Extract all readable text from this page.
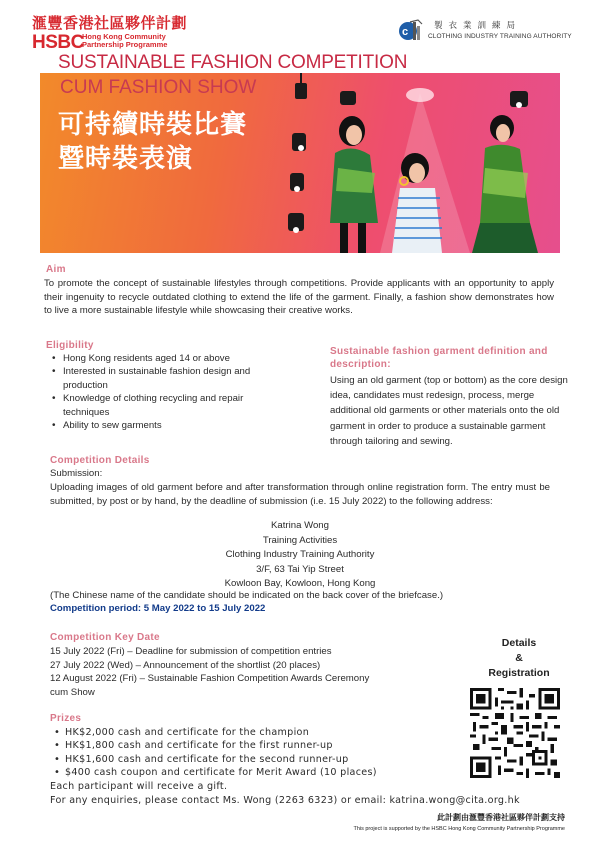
滙豐香港社區夥伴計劃
HSBC
Hong Kong Community Partnership Programme
c	製衣業訓練局
CLOTHING INDUSTRY TRAINING AUTHORITY
SUSTAINABLE FASHION COMPETITION
CUM FASHION SHOW
可持續時裝比賽
暨時裝表演
Aim
To promote the concept of sustainable lifestyles through competitions. Provide applicants with an opportunity to apply their ingenuity to recycle outdated clothing to extend the life of the garment. Finally, a fashion show demonstrates how to live a more sustainable lifestyle while showcasing their creative works.
Eligibility
• Hong Kong residents aged 14 or above
• Interested in sustainable fashion design and production
• Knowledge of clothing recycling and repair techniques
• Ability to sew garments
Sustainable fashion garment definition and description:
Using an old garment (top or bottom) as the core design idea, candidates must redesign, process, merge additional old garments or other materials onto the old garment in order to produce a sustainable garment through tailoring and sewing.
Competition Details
Submission:
Uploading images of old garment before and after transformation through online registration form. The entry must be submitted, by post or by hand, by the deadline of submission (i.e. 15 July 2022) to the following address:
Katrina Wong
Training Activities
Clothing Industry Training Authority
3/F, 63 Tai Yip Street
Kowloon Bay, Kowloon, Hong Kong
(The Chinese name of the candidate should be indicated on the back cover of the briefcase.)
Competition period: 5 May 2022 to 15 July 2022
Competition Key Date
15 July 2022 (Fri) – Deadline for submission of competition entries
27 July 2022 (Wed) – Announcement of the shortlist (20 places)
12 August 2022 (Fri) – Sustainable Fashion Competition Awards Ceremony cum Show
Prizes
• HK$2,000 cash and certificate for the champion
• HK$1,800 cash and certificate for the first runner-up
• HK$1,600 cash and certificate for the second runner-up
• $400 cash coupon and certificate for Merit Award (10 places)
Each participant will receive a gift.
For any enquiries, please contact Ms. Wong (2263 6323) or email: katrina.wong@cita.org.hk
Details
&
Registration
此計劃由滙豐香港社區夥伴計劃支持
This project is supported by the HSBC Hong Kong Community Partnership Programme
